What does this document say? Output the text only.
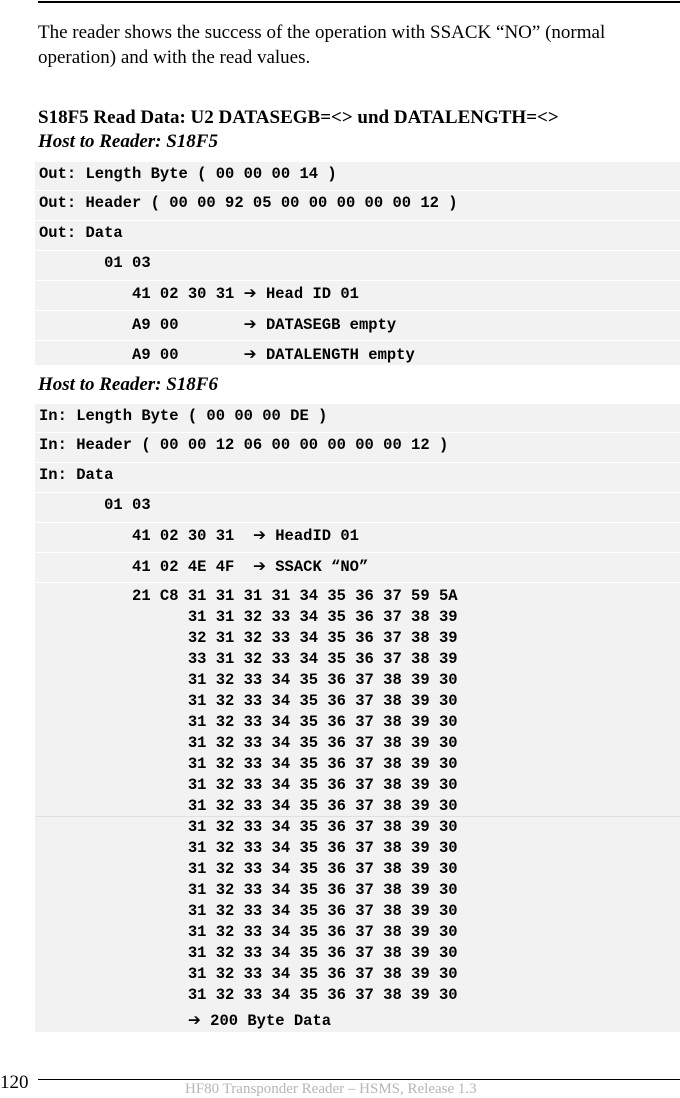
The reader shows the success of the operation with SSACK “NO” (normal operation) and with the read values.
S18F5 Read Data: U2 DATASEGB=<> und DATALENGTH=<>
Host to Reader: S18F5
Out: Length Byte ( 00 00 00 14 )
Out: Header ( 00 00 92 05 00 00 00 00 00 12 )
Out: Data
01 03
41 02 30 31 ➔ Head ID 01
A9 00       ➔ DATASEGB empty
A9 00       ➔ DATALENGTH empty
Host to Reader: S18F6
In: Length Byte ( 00 00 00 DE )
In: Header ( 00 00 12 06 00 00 00 00 00 12 )
In: Data
01 03
41 02 30 31  ➔ HeadID 01
41 02 4E 4F  ➔ SSACK “NO”
21 C8 31 31 31 31 34 35 36 37 59 5A
31 31 32 33 34 35 36 37 38 39
32 31 32 33 34 35 36 37 38 39
33 31 32 33 34 35 36 37 38 39
31 32 33 34 35 36 37 38 39 30
31 32 33 34 35 36 37 38 39 30
31 32 33 34 35 36 37 38 39 30
31 32 33 34 35 36 37 38 39 30
31 32 33 34 35 36 37 38 39 30
31 32 33 34 35 36 37 38 39 30
31 32 33 34 35 36 37 38 39 30
31 32 33 34 35 36 37 38 39 30
31 32 33 34 35 36 37 38 39 30
31 32 33 34 35 36 37 38 39 30
31 32 33 34 35 36 37 38 39 30
31 32 33 34 35 36 37 38 39 30
31 32 33 34 35 36 37 38 39 30
31 32 33 34 35 36 37 38 39 30
31 32 33 34 35 36 37 38 39 30
31 32 33 34 35 36 37 38 39 30
➔ 200 Byte Data
120	HF80 Transponder Reader – HSMS, Release 1.3
